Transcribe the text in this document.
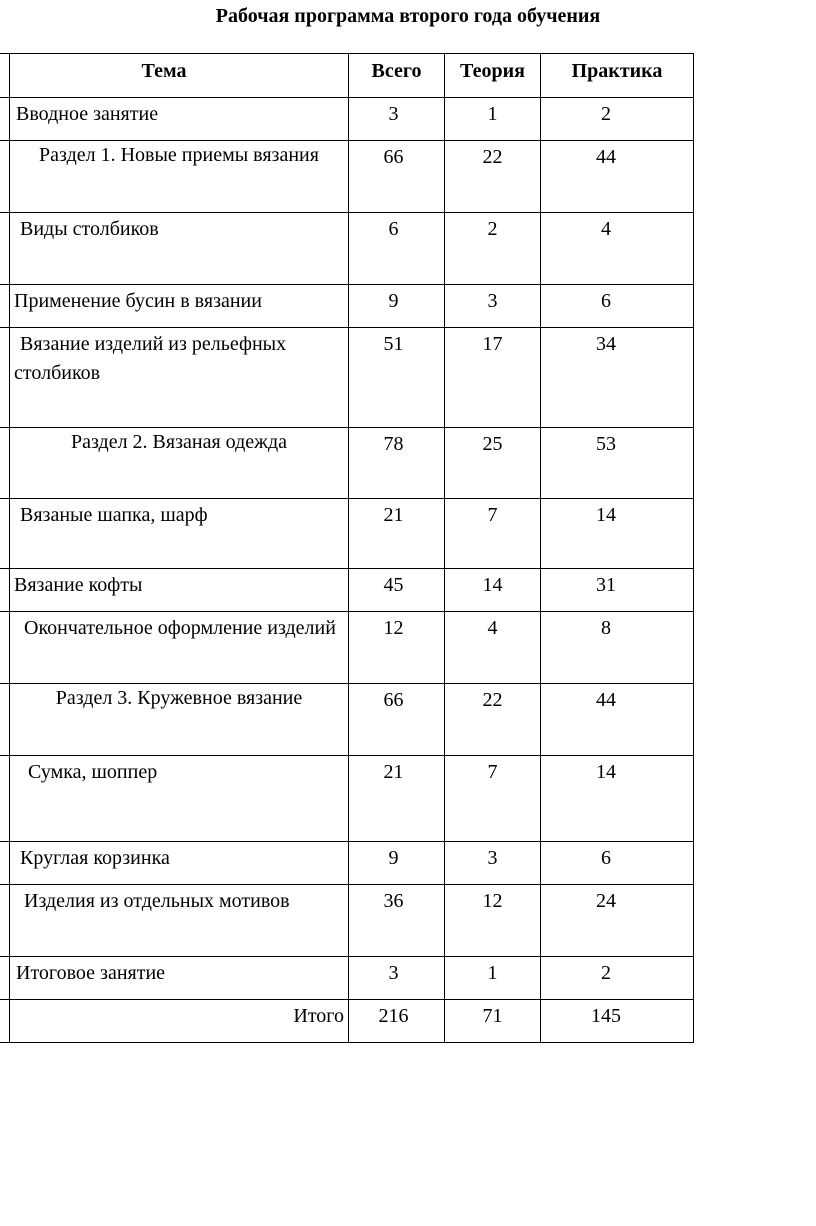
Рабочая программа второго года обучения
	Тема	Всего	Теория	Практика

	Вводное занятие	3	1	2
	Раздел 1. Новые приемы вязания	66	22	44

	Виды столбиков	6	2	4

	Применение бусин в вязании	9	3	6

	Вязание изделий из рельефных столбиков	51	17	34
	Раздел 2. Вязаная одежда	78	25	53

	Вязаные шапка, шарф	21	7	14

	Вязание кофты	45	14	31

	Окончательное оформление изделий	12	4	8
	Раздел 3. Кружевное вязание	66	22	44

	Сумка, шоппер	21	7	14

	Круглая корзинка	9	3	6

	Изделия из отдельных мотивов	36	12	24

	Итоговое занятие	3	1	2
	Итого	216	71	145
